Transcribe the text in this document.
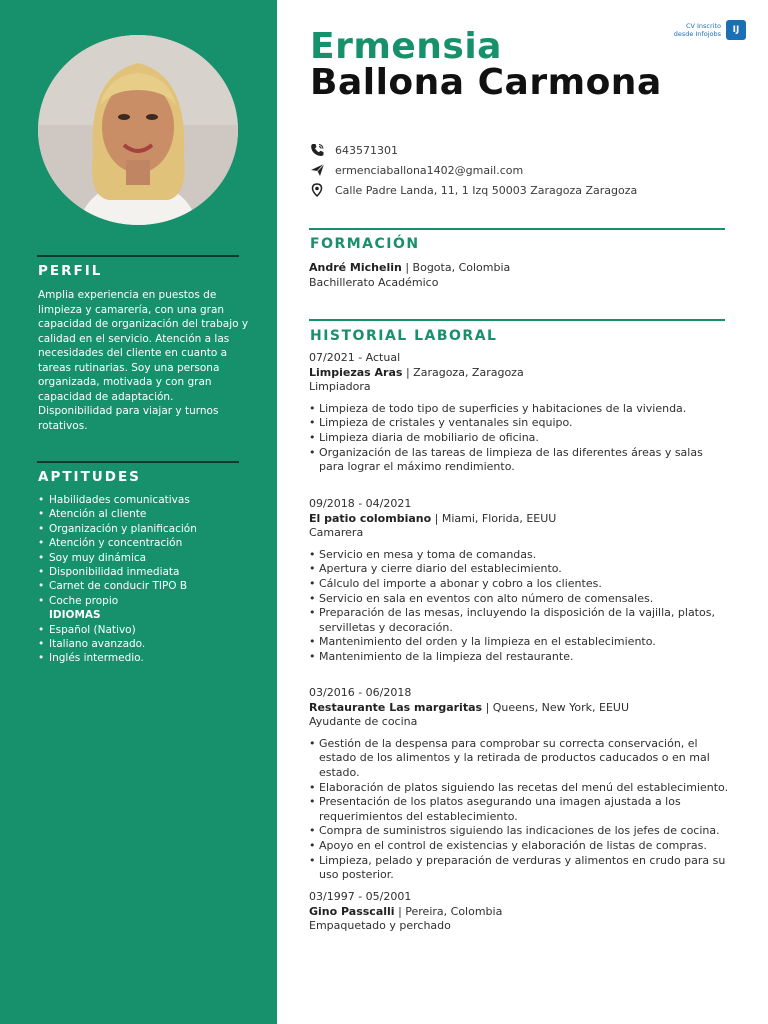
PERFIL
Amplia experiencia en puestos de limpieza y camarería, con una gran capacidad de organización del trabajo y calidad en el servicio. Atención a las necesidades del cliente en cuanto a tareas rutinarias. Soy una persona organizada, motivada y con gran capacidad de adaptación. Disponibilidad para viajar y turnos rotativos.
APTITUDES
• Habilidades comunicativas
• Atención al cliente
• Organización y planificación
• Atención y concentración
• Soy muy dinámica
• Disponibilidad inmediata
• Carnet de conducir TIPO B
• Coche propio
IDIOMAS
• Español (Nativo)
• Italiano avanzado.
• Inglés intermedio.
CV Inscrito
desde Infojobs	IJ
Ermensia
Ballona Carmona
643571301
ermenciaballona1402@gmail.com
Calle Padre Landa, 11, 1 Izq 50003 Zaragoza Zaragoza
FORMACIÓN
André Michelin | Bogota, Colombia
Bachillerato Académico
HISTORIAL LABORAL
07/2021 - Actual
Limpiezas Aras | Zaragoza, Zaragoza
Limpiadora
• Limpieza de todo tipo de superficies y habitaciones de la vivienda.
• Limpieza de cristales y ventanales sin equipo.
• Limpieza diaria de mobiliario de oficina.
• Organización de las tareas de limpieza de las diferentes áreas y salas para lograr el máximo rendimiento.
09/2018 - 04/2021
El patio colombiano | Miami, Florida, EEUU
Camarera
• Servicio en mesa y toma de comandas.
• Apertura y cierre diario del establecimiento.
• Cálculo del importe a abonar y cobro a los clientes.
• Servicio en sala en eventos con alto número de comensales.
• Preparación de las mesas, incluyendo la disposición de la vajilla, platos, servilletas y decoración.
• Mantenimiento del orden y la limpieza en el establecimiento.
• Mantenimiento de la limpieza del restaurante.
03/2016 - 06/2018
Restaurante Las margaritas | Queens, New York, EEUU
Ayudante de cocina
• Gestión de la despensa para comprobar su correcta conservación, el estado de los alimentos y la retirada de productos caducados o en mal estado.
• Elaboración de platos siguiendo las recetas del menú del establecimiento.
• Presentación de los platos asegurando una imagen ajustada a los requerimientos del establecimiento.
• Compra de suministros siguiendo las indicaciones de los jefes de cocina.
• Apoyo en el control de existencias y elaboración de listas de compras.
• Limpieza, pelado y preparación de verduras y alimentos en crudo para su uso posterior.
03/1997 - 05/2001
Gino Passcalli | Pereira, Colombia
Empaquetado y perchado
